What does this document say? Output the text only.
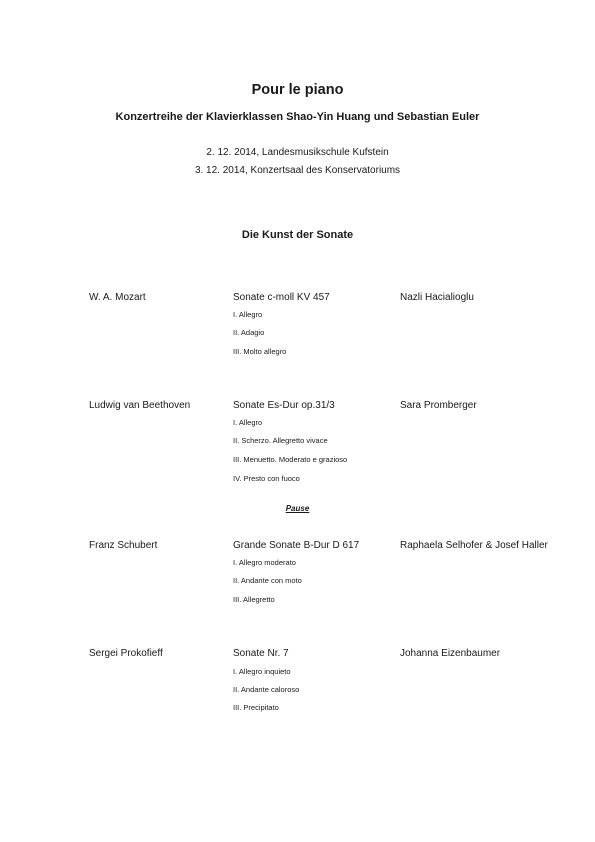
Pour le piano
Konzertreihe der Klavierklassen Shao-Yin Huang und Sebastian Euler
2. 12. 2014, Landesmusikschule Kufstein
3. 12. 2014, Konzertsaal des Konservatoriums
Die Kunst der Sonate
W. A. Mozart	Sonate c-moll KV 457	Nazli Hacialioglu
I. Allegro
II. Adagio
III. Molto allegro
Ludwig van Beethoven	Sonate Es-Dur op.31/3	Sara Promberger
I. Allegro
II. Scherzo. Allegretto vivace
III. Menuetto. Moderato e grazioso
IV. Presto con fuoco
Pause
Franz Schubert	Grande Sonate B-Dur D 617	Raphaela Selhofer & Josef Haller
I. Allegro moderato
II. Andante con moto
III. Allegretto
Sergei Prokofieff	Sonate Nr. 7	Johanna Eizenbaumer
I. Allegro inquieto
II. Andante caloroso
III. Precipitato
